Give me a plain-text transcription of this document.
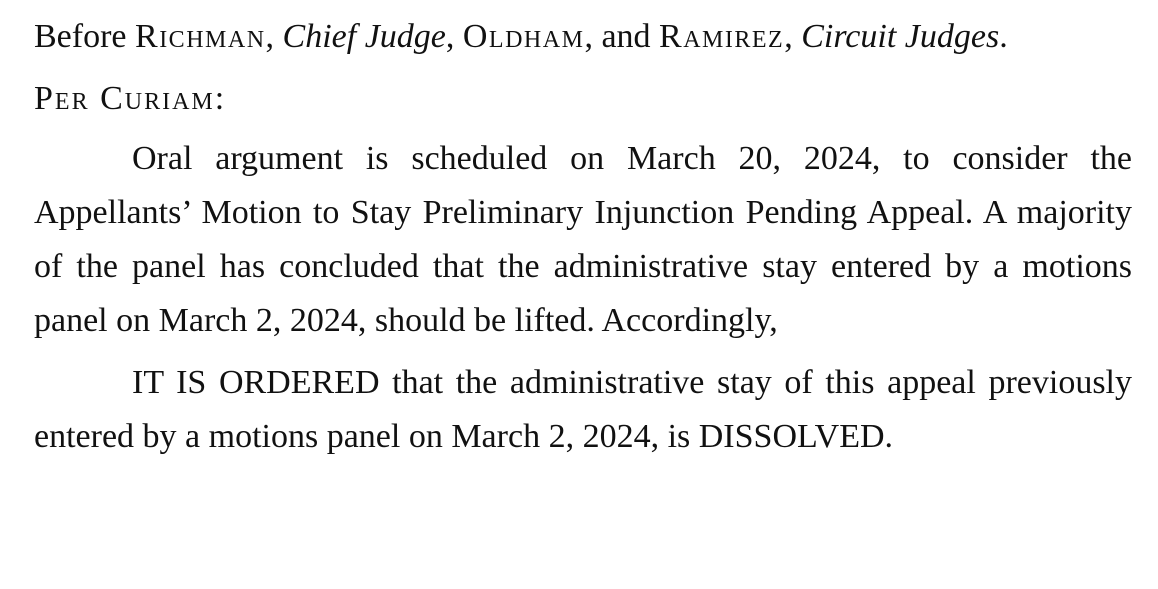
Before Richman, Chief Judge, Oldham, and Ramirez, Circuit Judges.

Per Curiam:

Oral argument is scheduled on March 20, 2024, to consider the Appellants’ Motion to Stay Preliminary Injunction Pending Appeal. A majority of the panel has concluded that the administrative stay entered by a motions panel on March 2, 2024, should be lifted. Accordingly,

IT IS ORDERED that the administrative stay of this appeal previously entered by a motions panel on March 2, 2024, is DISSOLVED.
